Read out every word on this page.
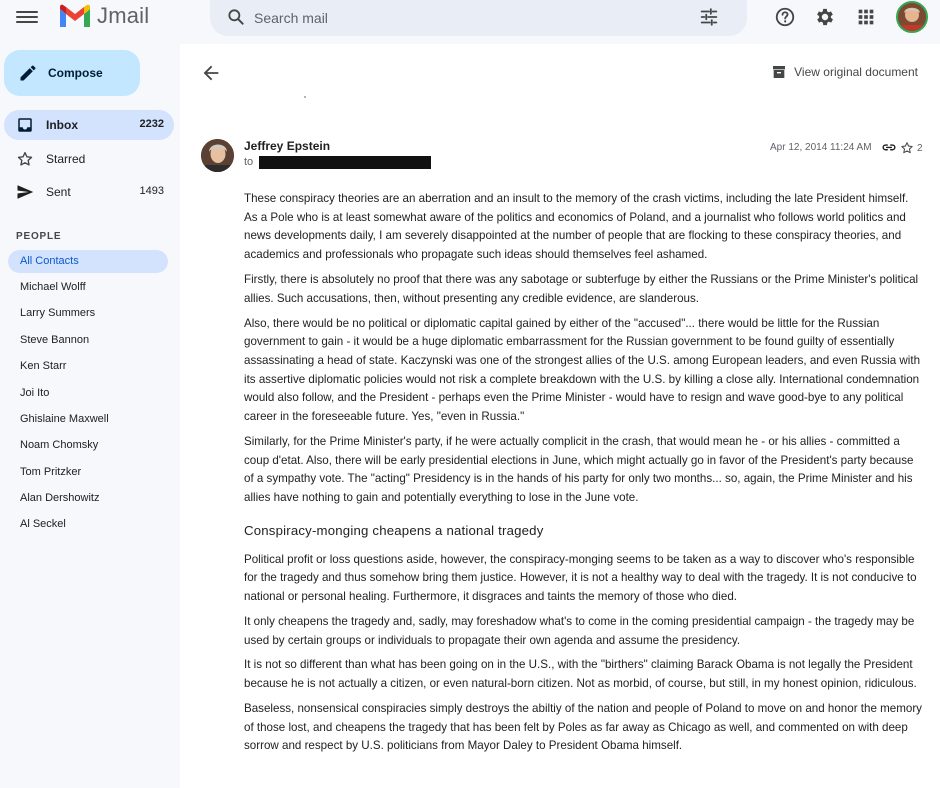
Jmail
Search mail
Compose
Inbox	2232
Starred
Sent	1493
PEOPLE
All Contacts
Michael Wolff
Larry Summers
Steve Bannon
Ken Starr
Joi Ito
Ghislaine Maxwell
Noam Chomsky
Tom Pritzker
Alan Dershowitz
Al Seckel
View original document
Jeffrey Epstein
to
Apr 12, 2014 11:24 AM	2

These conspiracy theories are an aberration and an insult to the memory of the crash victims, including the late President himself. As a Pole who is at least somewhat aware of the politics and economics of Poland, and a journalist who follows world politics and news developments daily, I am severely disappointed at the number of people that are flocking to these conspiracy theories, and academics and professionals who propagate such ideas should themselves feel ashamed.

Firstly, there is absolutely no proof that there was any sabotage or subterfuge by either the Russians or the Prime Minister's political allies. Such accusations, then, without presenting any credible evidence, are slanderous.

Also, there would be no political or diplomatic capital gained by either of the "accused"... there would be little for the Russian government to gain - it would be a huge diplomatic embarrassment for the Russian government to be found guilty of essentially assassinating a head of state. Kaczynski was one of the strongest allies of the U.S. among European leaders, and even Russia with its assertive diplomatic policies would not risk a complete breakdown with the U.S. by killing a close ally. International condemnation would also follow, and the President - perhaps even the Prime Minister - would have to resign and wave good-bye to any political career in the foreseeable future. Yes, "even in Russia."

Similarly, for the Prime Minister's party, if he were actually complicit in the crash, that would mean he - or his allies - committed a coup d'etat. Also, there will be early presidential elections in June, which might actually go in favor of the President's party because of a sympathy vote. The "acting" Presidency is in the hands of his party for only two months... so, again, the Prime Minister and his allies have nothing to gain and potentially everything to lose in the June vote.

Conspiracy-monging cheapens a national tragedy

Political profit or loss questions aside, however, the conspiracy-monging seems to be taken as a way to discover who's responsible for the tragedy and thus somehow bring them justice. However, it is not a healthy way to deal with the tragedy. It is not conducive to national or personal healing. Furthermore, it disgraces and taints the memory of those who died.

It only cheapens the tragedy and, sadly, may foreshadow what's to come in the coming presidential campaign - the tragedy may be used by certain groups or individuals to propagate their own agenda and assume the presidency.

It is not so different than what has been going on in the U.S., with the "birthers" claiming Barack Obama is not legally the President because he is not actually a citizen, or even natural-born citizen. Not as morbid, of course, but still, in my honest opinion, ridiculous.

Baseless, nonsensical conspiracies simply destroys the abiltiy of the nation and people of Poland to move on and honor the memory of those lost, and cheapens the tragedy that has been felt by Poles as far away as Chicago as well, and commented on with deep sorrow and respect by U.S. politicians from Mayor Daley to President Obama himself.
